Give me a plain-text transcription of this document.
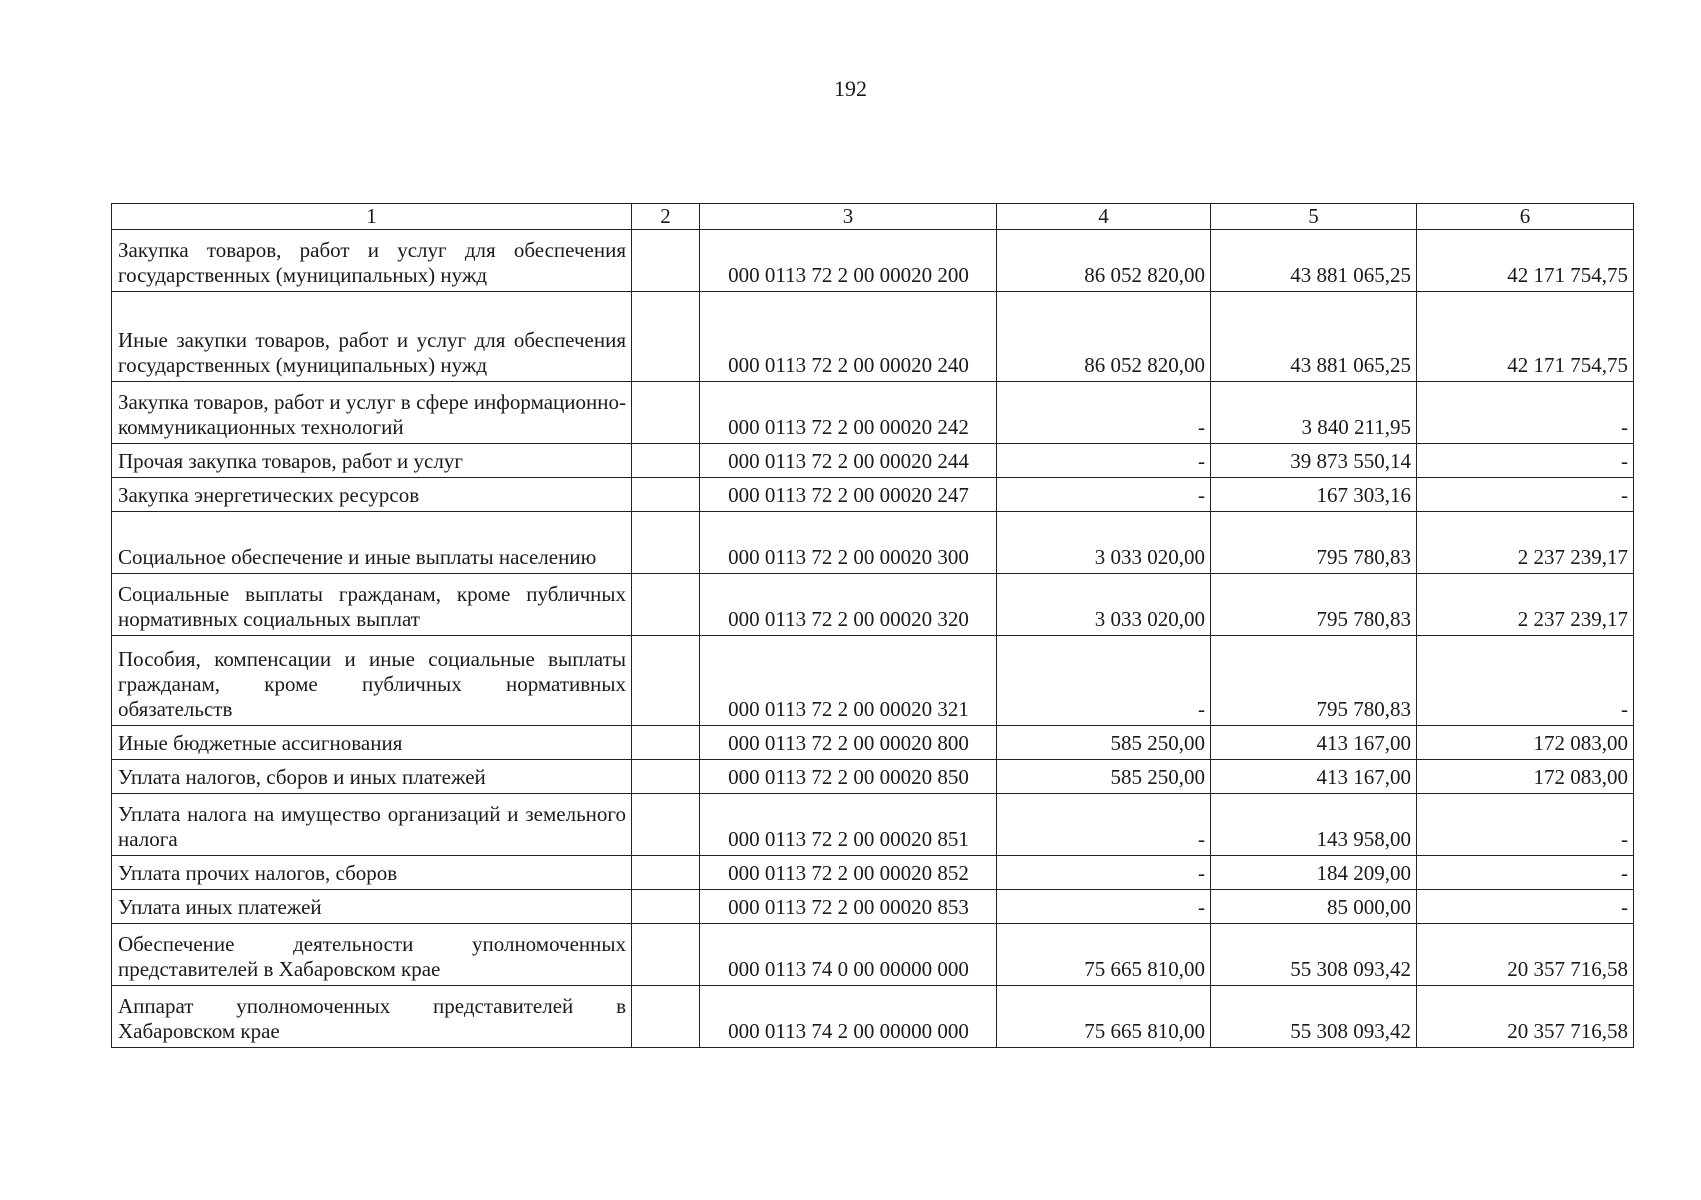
192
1	2	3	4	5	6
Закупка товаров, работ и услуг для обеспечения государственных (муниципальных) нужд		000 0113 72 2 00 00020 200	86 052 820,00	43 881 065,25	42 171 754,75
Иные закупки товаров, работ и услуг для обеспечения государственных (муниципальных) нужд		000 0113 72 2 00 00020 240	86 052 820,00	43 881 065,25	42 171 754,75
Закупка товаров, работ и услуг в сфере информационно-коммуникационных технологий		000 0113 72 2 00 00020 242	-	3 840 211,95	-
Прочая закупка товаров, работ и услуг		000 0113 72 2 00 00020 244	-	39 873 550,14	-
Закупка энергетических ресурсов		000 0113 72 2 00 00020 247	-	167 303,16	-
Социальное обеспечение и иные выплаты населению		000 0113 72 2 00 00020 300	3 033 020,00	795 780,83	2 237 239,17
Социальные выплаты гражданам, кроме публичных нормативных социальных выплат		000 0113 72 2 00 00020 320	3 033 020,00	795 780,83	2 237 239,17
Пособия, компенсации и иные социальные выплаты гражданам, кроме публичных нормативных обязательств		000 0113 72 2 00 00020 321	-	795 780,83	-
Иные бюджетные ассигнования		000 0113 72 2 00 00020 800	585 250,00	413 167,00	172 083,00
Уплата налогов, сборов и иных платежей		000 0113 72 2 00 00020 850	585 250,00	413 167,00	172 083,00
Уплата налога на имущество организаций и земельного налога		000 0113 72 2 00 00020 851	-	143 958,00	-
Уплата прочих налогов, сборов		000 0113 72 2 00 00020 852	-	184 209,00	-
Уплата иных платежей		000 0113 72 2 00 00020 853	-	85 000,00	-
Обеспечение деятельности уполномоченных представителей в Хабаровском крае		000 0113 74 0 00 00000 000	75 665 810,00	55 308 093,42	20 357 716,58
Аппарат уполномоченных представителей в Хабаровском крае		000 0113 74 2 00 00000 000	75 665 810,00	55 308 093,42	20 357 716,58
